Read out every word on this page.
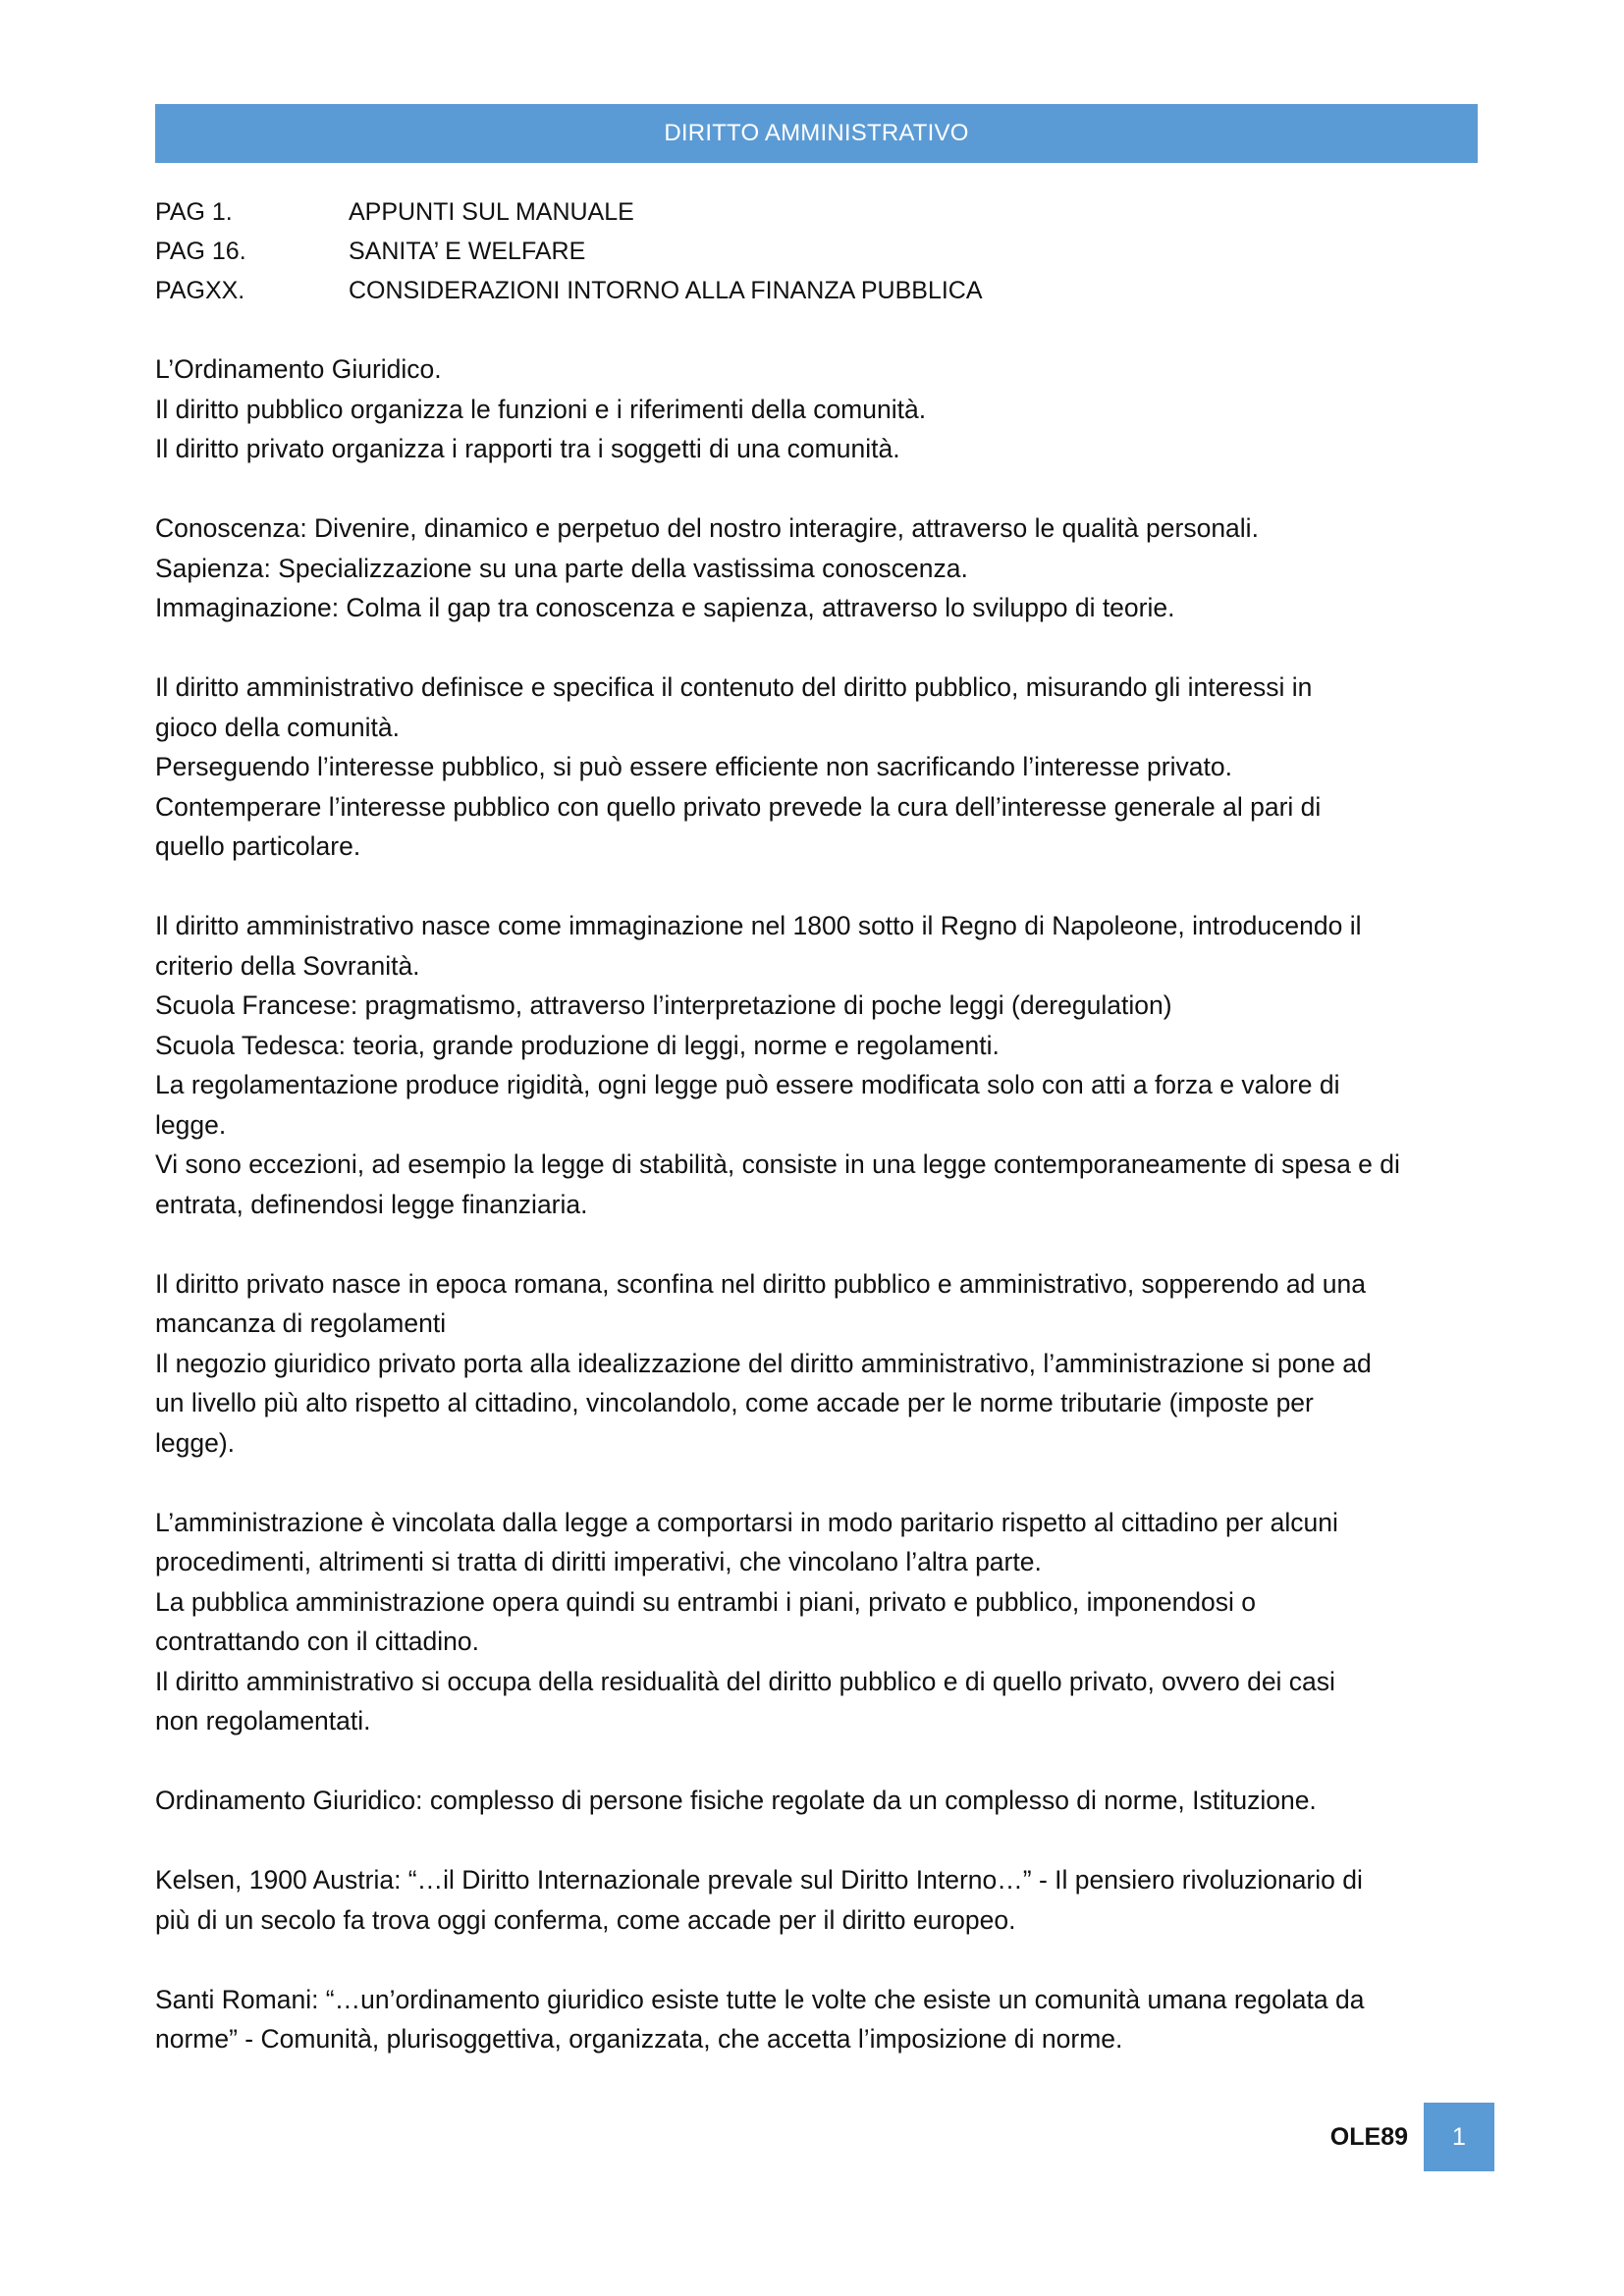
DIRITTO AMMINISTRATIVO
PAG 1.	APPUNTI SUL MANUALE
PAG 16.	SANITA’ E WELFARE
PAGXX.	CONSIDERAZIONI INTORNO ALLA FINANZA PUBBLICA
L’Ordinamento Giuridico.
Il diritto pubblico organizza le funzioni e i riferimenti della comunità.
Il diritto privato organizza i rapporti tra i soggetti di una comunità.
Conoscenza: Divenire, dinamico e perpetuo del nostro interagire, attraverso le qualità personali.
Sapienza: Specializzazione su una parte della vastissima conoscenza.
Immaginazione: Colma il gap tra conoscenza e sapienza, attraverso lo sviluppo di teorie.
Il diritto amministrativo definisce e specifica il contenuto del diritto pubblico, misurando gli interessi in
gioco della comunità.
Perseguendo l’interesse pubblico, si può essere efficiente non sacrificando l’interesse privato.
Contemperare l’interesse pubblico con quello privato prevede la cura dell’interesse generale al pari di
quello particolare.
Il diritto amministrativo nasce come immaginazione nel 1800 sotto il Regno di Napoleone, introducendo il
criterio della Sovranità.
Scuola Francese: pragmatismo, attraverso l’interpretazione di poche leggi (deregulation)
Scuola Tedesca: teoria, grande produzione di leggi, norme e regolamenti.
La regolamentazione produce rigidità, ogni legge può essere modificata solo con atti a forza e valore di
legge.
Vi sono eccezioni, ad esempio la legge di stabilità, consiste in una legge contemporaneamente di spesa e di
entrata, definendosi legge finanziaria.
Il diritto privato nasce in epoca romana, sconfina nel diritto pubblico e amministrativo, sopperendo ad una
mancanza di regolamenti
Il negozio giuridico privato porta alla idealizzazione del diritto amministrativo, l’amministrazione si pone ad
un livello più alto rispetto al cittadino, vincolandolo, come accade per le norme tributarie (imposte per
legge).
L’amministrazione è vincolata dalla legge a comportarsi in modo paritario rispetto al cittadino per alcuni
procedimenti, altrimenti si tratta di diritti imperativi, che vincolano l’altra parte.
La pubblica amministrazione opera quindi su entrambi i piani, privato e pubblico, imponendosi o
contrattando con il cittadino.
Il diritto amministrativo si occupa della residualità del diritto pubblico e di quello privato, ovvero dei casi
non regolamentati.
Ordinamento Giuridico: complesso di persone fisiche regolate da un complesso di norme, Istituzione.
Kelsen, 1900 Austria: “…il Diritto Internazionale prevale sul Diritto Interno…” - Il pensiero rivoluzionario di
più di un secolo fa trova oggi conferma, come accade per il diritto europeo.
Santi Romani: “…un’ordinamento giuridico esiste tutte le volte che esiste un comunità umana regolata da
norme” - Comunità, plurisoggettiva, organizzata, che accetta l’imposizione di norme.
OLE89	1
